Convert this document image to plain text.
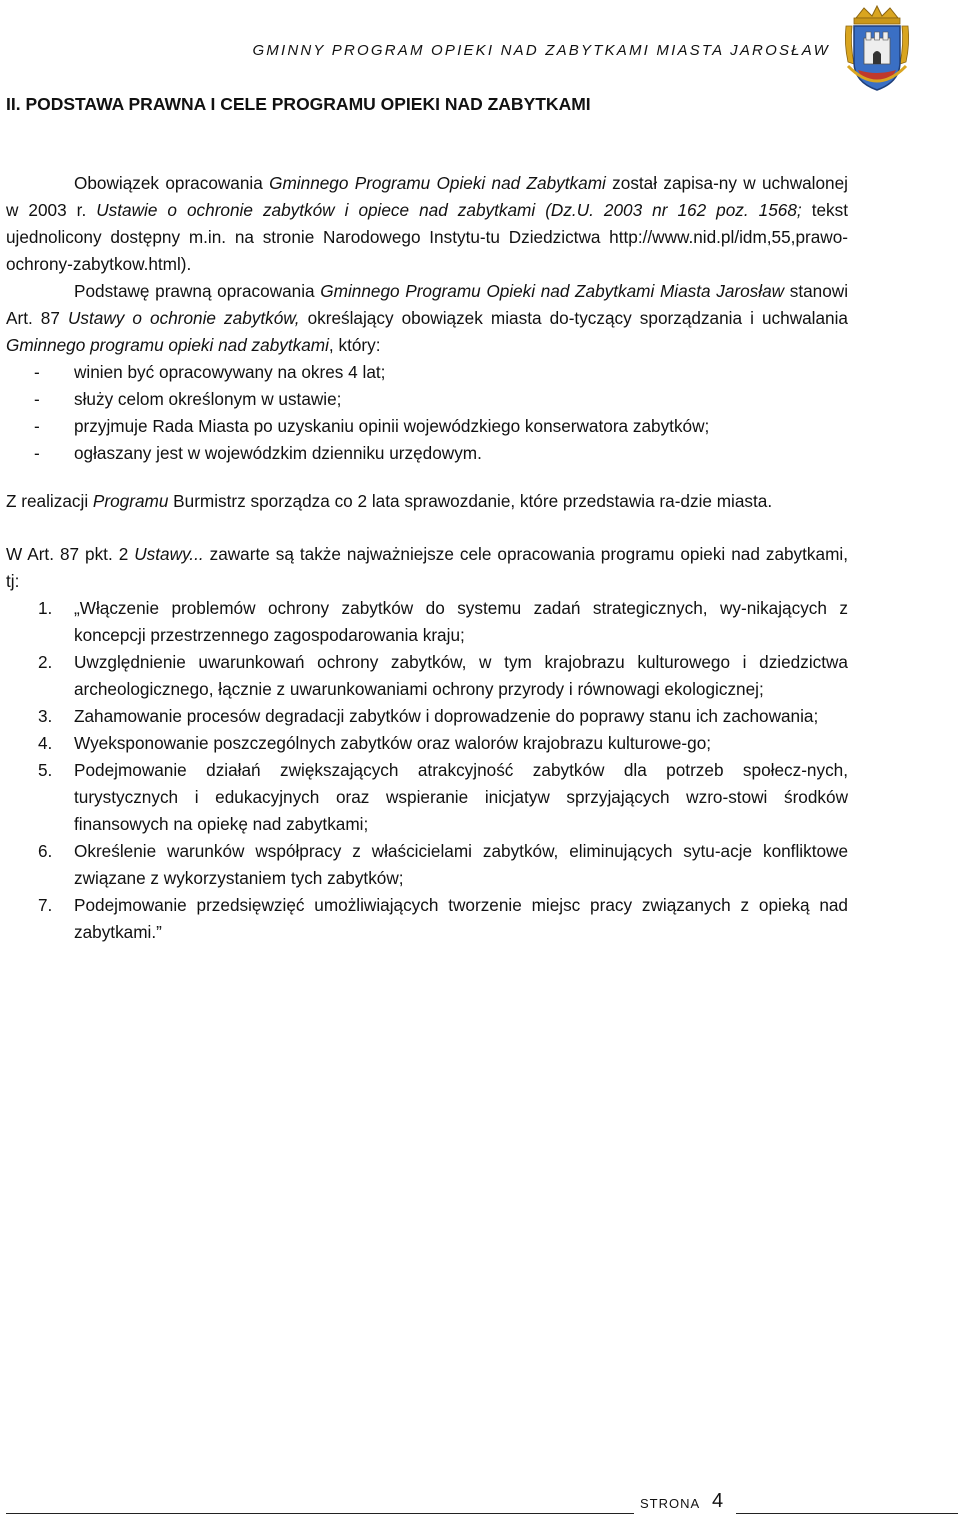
GMINNY PROGRAM OPIEKI NAD ZABYTKAMI MIASTA JAROSŁAW
II. PODSTAWA PRAWNA I CELE PROGRAMU OPIEKI NAD ZABYTKAMI

Obowiązek opracowania Gminnego Programu Opieki nad Zabytkami został zapisa-ny w uchwalonej w 2003 r. Ustawie o ochronie zabytków i opiece nad zabytkami (Dz.U. 2003 nr 162 poz. 1568; tekst ujednolicony dostępny m.in. na stronie Narodowego Instytu-tu Dziedzictwa http://www.nid.pl/idm,55,prawo-ochrony-zabytkow.html).

Podstawę prawną opracowania Gminnego Programu Opieki nad Zabytkami Miasta Jarosław stanowi Art. 87 Ustawy o ochronie zabytków, określający obowiązek miasta do-tyczący sporządzania i uchwalania Gminnego programu opieki nad zabytkami, który:

- winien być opracowywany na okres 4 lat;
- służy celom określonym w ustawie;
- przyjmuje Rada Miasta po uzyskaniu opinii wojewódzkiego konserwatora zabytków;
- ogłaszany jest w wojewódzkim dzienniku urzędowym.

Z realizacji Programu Burmistrz sporządza co 2 lata sprawozdanie, które przedstawia ra-dzie miasta.

W Art. 87 pkt. 2 Ustawy... zawarte są także najważniejsze cele opracowania programu opieki nad zabytkami, tj:

1. „Włączenie problemów ochrony zabytków do systemu zadań strategicznych, wy-nikających z koncepcji przestrzennego zagospodarowania kraju;
2. Uwzględnienie uwarunkowań ochrony zabytków, w tym krajobrazu kulturowego i dziedzictwa archeologicznego, łącznie z uwarunkowaniami ochrony przyrody i równowagi ekologicznej;
3. Zahamowanie procesów degradacji zabytków i doprowadzenie do poprawy stanu ich zachowania;
4. Wyeksponowanie poszczególnych zabytków oraz walorów krajobrazu kulturowe-go;
5. Podejmowanie działań zwiększających atrakcyjność zabytków dla potrzeb społecz-nych, turystycznych i edukacyjnych oraz wspieranie inicjatyw sprzyjających wzro-stowi środków finansowych na opiekę nad zabytkami;
6. Określenie warunków współpracy z właścicielami zabytków, eliminujących sytu-acje konfliktowe związane z wykorzystaniem tych zabytków;
7. Podejmowanie przedsięwzięć umożliwiających tworzenie miejsc pracy związanych z opieką nad zabytkami.”
STRONA 4
